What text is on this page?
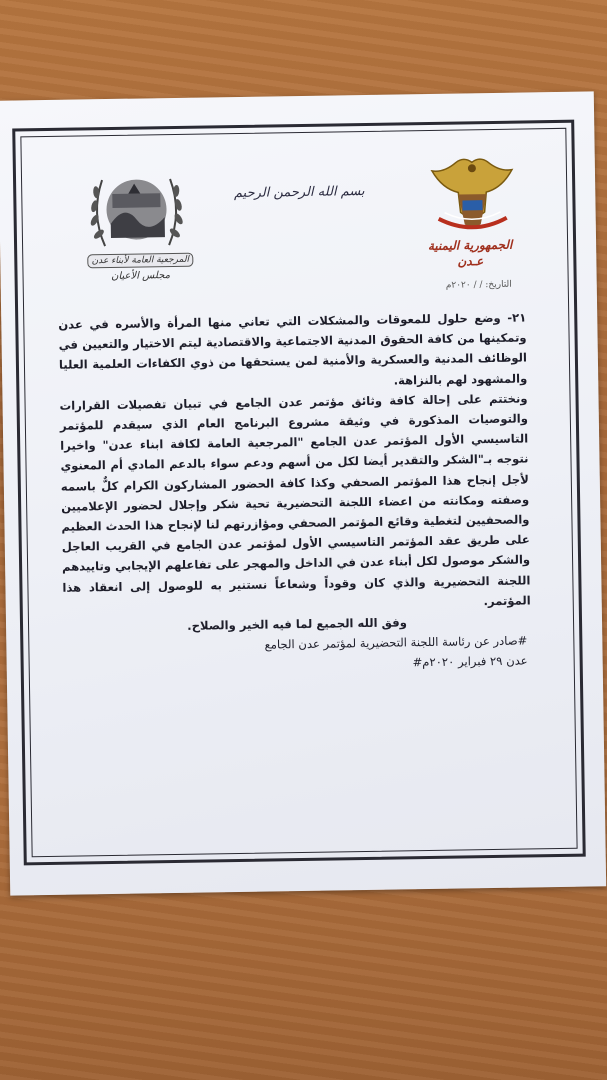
المرجعية العامة لأبناء عدن
مجلس الأعيان
بسم الله الرحمن الرحيم
الجمهورية اليمنية
عـدن
التاريخ: / / ٢٠٢٠م

٢١- وضع حلول للمعوقات والمشكلات التي تعاني منها المرأة والأسره في عدن وتمكينها من كافة الحقوق المدنية الاجتماعية والاقتصادية ليتم الاختيار والتعيين في الوظائف المدنية والعسكرية والأمنية لمن يستحقها من ذوي الكفاءات العلمية العليا والمشهود لهم بالنزاهة.

ونختتم على إحالة كافة وثائق مؤتمر عدن الجامع في تبيان تفصيلات القرارات والتوصيات المذكورة في وثيقة مشروع البرنامج العام الذي سيقدم للمؤتمر التاسيسي الأول المؤتمر عدن الجامع "المرجعية العامة لكافة ابناء عدن" واخيرا نتوجه بـ"الشكر والتقدير أيضا لكل من أسهم ودعم سواء بالدعم المادي أم المعنوي لأجل إنجاح هذا المؤتمر الصحفي وكذا كافة الحضور المشاركون الكرام كلٌّ باسمه وصفته ومكانته من اعضاء اللجنة التحضيرية تحية شكر وإجلال لحضور الإعلاميين والصحفيين لتغطية وقائع المؤتمر الصحفي ومؤازرتهم لنا لإنجاح هذا الحدث العظيم على طريق عقد المؤتمر التاسيسي الأول لمؤتمر عدن الجامع في القريب العاجل والشكر موصول لكل أبناء عدن في الداخل والمهجر على تفاعلهم الإيجابي وتاييدهم اللجنة التحضيرية والذي كان وقوداً وشعاعاً نستنير به للوصول إلى انعقاد هذا المؤتمر.

وفق الله الجميع لما فيه الخير والصلاح.

#صادر عن رئاسة اللجنة التحضيرية لمؤتمر عدن الجامع

عدن ٢٩ فبراير ٢٠٢٠م#
